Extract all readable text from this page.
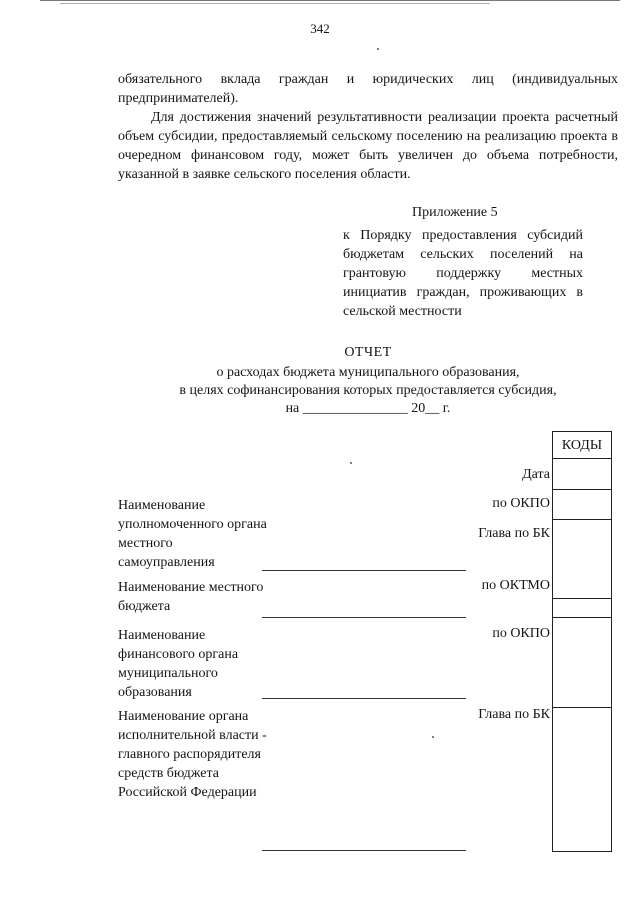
342
обязательного вклада граждан и юридических лиц (индивидуальных предпринимателей).
Для достижения значений результативности реализации проекта расчетный объем субсидии, предоставляемый сельскому поселению на реализацию проекта в очередном финансовом году, может быть увеличен до объема потребности, указанной в заявке сельского поселения области.
Приложение 5
к Порядку предоставления субсидий бюджетам сельских поселений на грантовую поддержку местных инициатив граждан, проживающих в сельской местности
ОТЧЕТ
о расходах бюджета муниципального образования,
в целях софинансирования которых предоставляется субсидия,
на _______________ 20__ г.
КОДЫ
Дата
по ОКПО
Глава по БК
по ОКТМО
по ОКПО
Глава по БК
Наименование уполномоченного органа местного самоуправления
Наименование местного бюджета
Наименование финансового органа муниципального образования
Наименование органа исполнительной власти - главного распорядителя средств бюджета Российской Федерации
